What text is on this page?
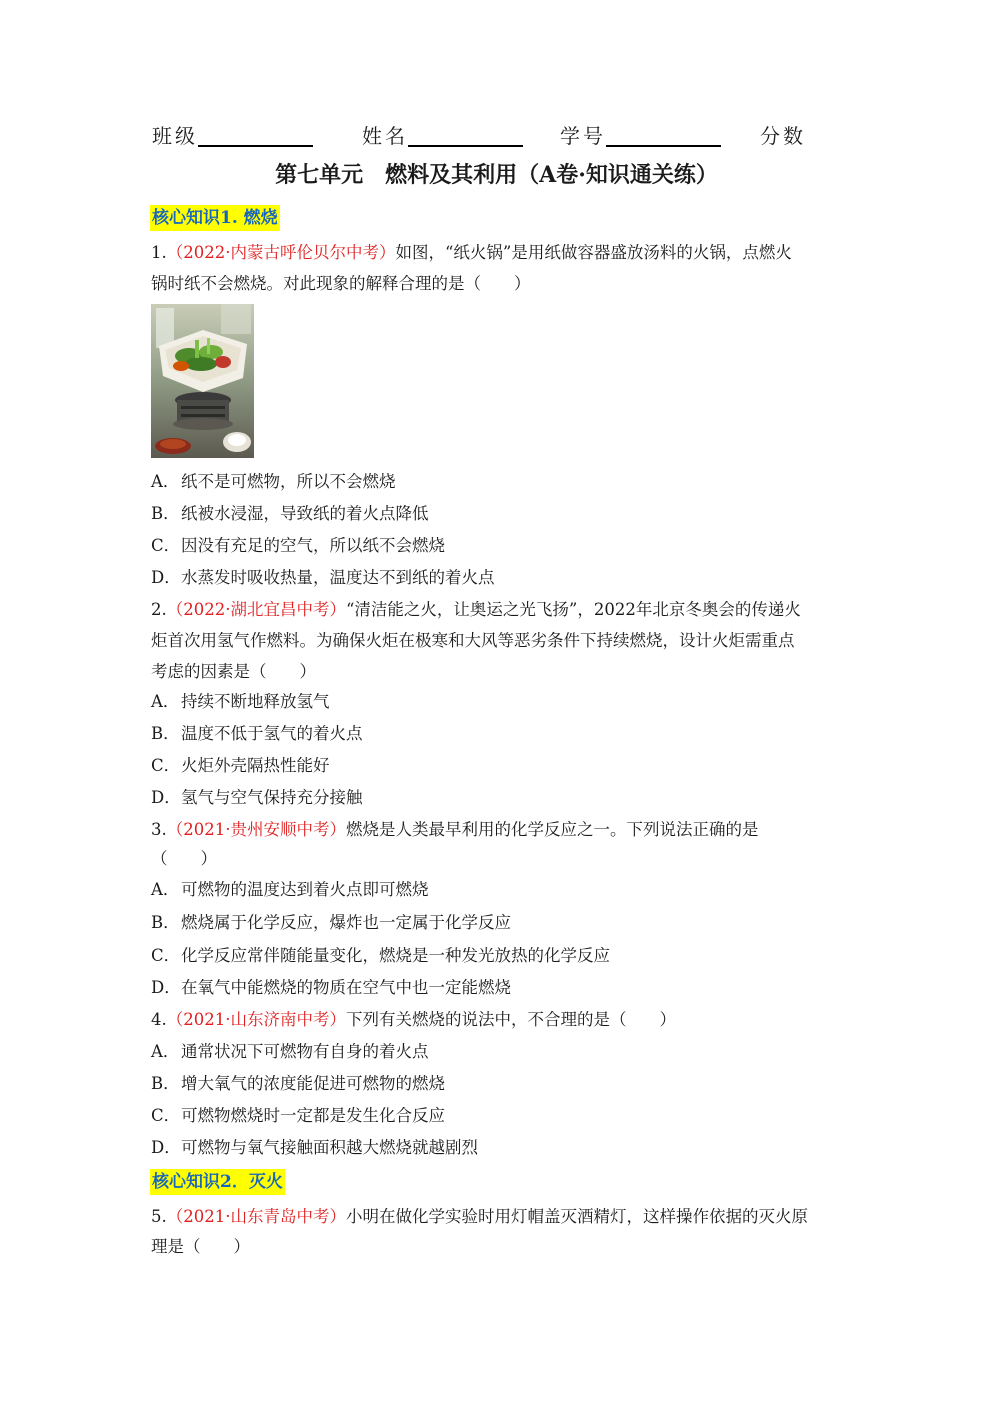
班级	姓名	学号	分数
第七单元　燃料及其利用（A卷·知识通关练）
核心知识1. 燃烧
1.（2022·内蒙古呼伦贝尔中考）如图，“纸火锅”是用纸做容器盛放汤料的火锅，点燃火
锅时纸不会燃烧。对此现象的解释合理的是（　　）
A．纸不是可燃物，所以不会燃烧
B．纸被水浸湿，导致纸的着火点降低
C．因没有充足的空气，所以纸不会燃烧
D．水蒸发时吸收热量，温度达不到纸的着火点
2.（2022·湖北宜昌中考）“清洁能之火，让奥运之光飞扬”，2022年北京冬奥会的传递火
炬首次用氢气作燃料。为确保火炬在极寒和大风等恶劣条件下持续燃烧，设计火炬需重点
考虑的因素是（　　）
A．持续不断地释放氢气
B．温度不低于氢气的着火点
C．火炬外壳隔热性能好
D．氢气与空气保持充分接触
3.（2021·贵州安顺中考）燃烧是人类最早利用的化学反应之一。下列说法正确的是
（　　）
A．可燃物的温度达到着火点即可燃烧
B．燃烧属于化学反应，爆炸也一定属于化学反应
C．化学反应常伴随能量变化，燃烧是一种发光放热的化学反应
D．在氧气中能燃烧的物质在空气中也一定能燃烧
4.（2021·山东济南中考）下列有关燃烧的说法中，不合理的是（　　）
A．通常状况下可燃物有自身的着火点
B．增大氧气的浓度能促进可燃物的燃烧
C．可燃物燃烧时一定都是发生化合反应
D．可燃物与氧气接触面积越大燃烧就越剧烈
核心知识2．灭火
5.（2021·山东青岛中考）小明在做化学实验时用灯帽盖灭酒精灯，这样操作依据的灭火原
理是（　　）
